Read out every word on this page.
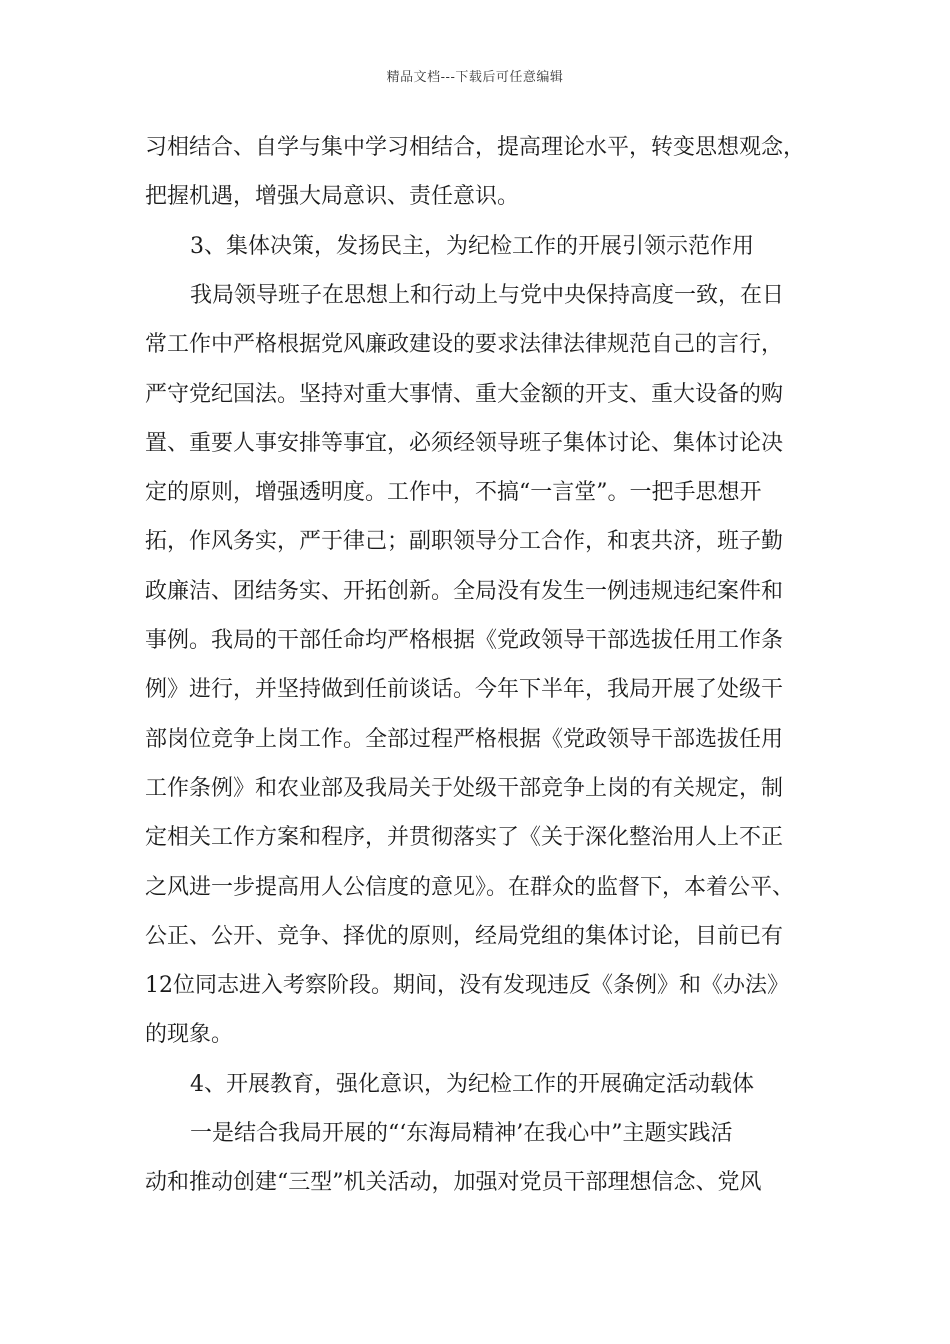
精品文档---下载后可任意编辑
习相结合、自学与集中学习相结合，提高理论水平，转变思想观念，
把握机遇，增强大局意识、责任意识。
3、集体决策，发扬民主，为纪检工作的开展引领示范作用
我局领导班子在思想上和行动上与党中央保持高度一致，在日
常工作中严格根据党风廉政建设的要求法律法律规范自己的言行，
严守党纪国法。坚持对重大事情、重大金额的开支、重大设备的购
置、重要人事安排等事宜，必须经领导班子集体讨论、集体讨论决
定的原则，增强透明度。工作中，不搞“一言堂”。一把手思想开
拓，作风务实，严于律己；副职领导分工合作，和衷共济，班子勤
政廉洁、团结务实、开拓创新。全局没有发生一例违规违纪案件和
事例。我局的干部任命均严格根据《党政领导干部选拔任用工作条
例》进行，并坚持做到任前谈话。今年下半年，我局开展了处级干
部岗位竞争上岗工作。全部过程严格根据《党政领导干部选拔任用
工作条例》和农业部及我局关于处级干部竞争上岗的有关规定，制
定相关工作方案和程序，并贯彻落实了《关于深化整治用人上不正
之风进一步提高用人公信度的意见》。在群众的监督下，本着公平、
公正、公开、竞争、择优的原则，经局党组的集体讨论，目前已有
12位同志进入考察阶段。期间，没有发现违反《条例》和《办法》
的现象。
4、开展教育，强化意识，为纪检工作的开展确定活动载体
一是结合我局开展的“‘东海局精神’在我心中”主题实践活
动和推动创建“三型”机关活动，加强对党员干部理想信念、党风
